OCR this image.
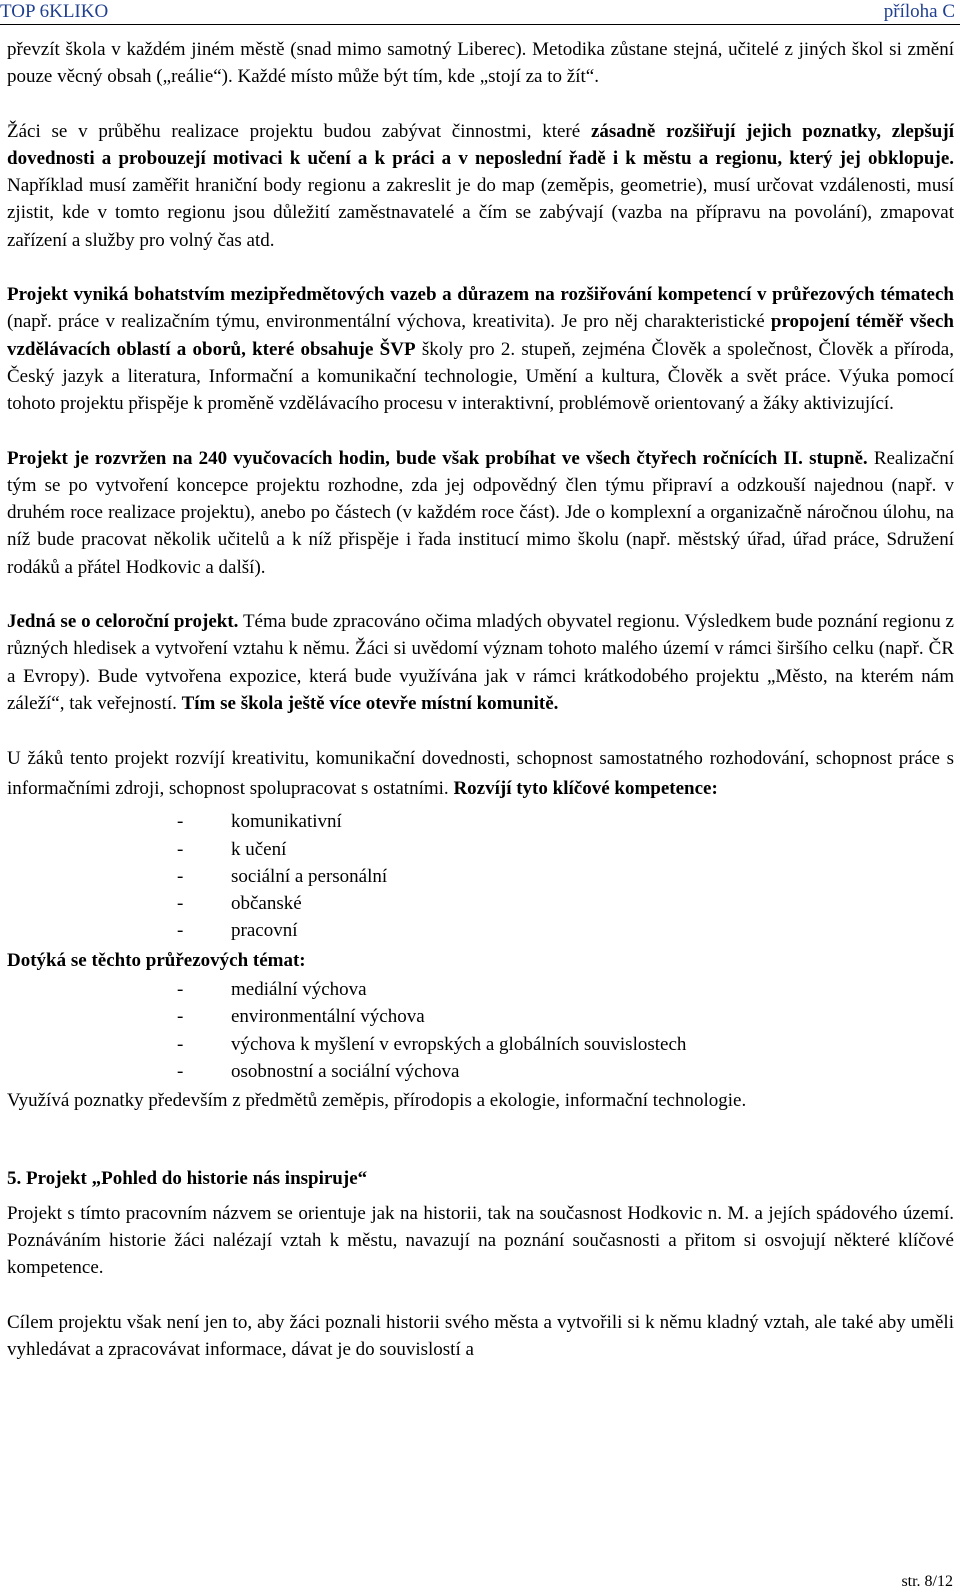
TOP 6KLIKO	příloha C

převzít škola v každém jiném městě (snad mimo samotný Liberec). Metodika zůstane stejná, učitelé z jiných škol si změní pouze věcný obsah („reálie“). Každé místo může být tím, kde „stojí za to žít“.

Žáci se v průběhu realizace projektu budou zabývat činnostmi, které zásadně rozšiřují jejich poznatky, zlepšují dovednosti a probouzejí motivaci k učení a k práci a v neposlední řadě i k městu a regionu, který jej obklopuje. Například musí zaměřit hraniční body regionu a zakreslit je do map (zeměpis, geometrie), musí určovat vzdálenosti, musí zjistit, kde v tomto regionu jsou důležití zaměstnavatelé a čím se zabývají (vazba na přípravu na povolání), zmapovat zařízení a služby pro volný čas atd.

Projekt vyniká bohatstvím mezipředmětových vazeb a důrazem na rozšiřování kompetencí v průřezových tématech (např. práce v realizačním týmu, environmentální výchova, kreativita). Je pro něj charakteristické propojení téměř všech vzdělávacích oblastí a oborů, které obsahuje ŠVP školy pro 2. stupeň, zejména Člověk a společnost, Člověk a příroda, Český jazyk a literatura, Informační a komunikační technologie, Umění a kultura, Člověk a svět práce. Výuka pomocí tohoto projektu přispěje k proměně vzdělávacího procesu v interaktivní, problémově orientovaný a žáky aktivizující.

Projekt je rozvržen na 240 vyučovacích hodin, bude však probíhat ve všech čtyřech ročnících II. stupně. Realizační tým se po vytvoření koncepce projektu rozhodne, zda jej odpovědný člen týmu připraví a odzkouší najednou (např. v druhém roce realizace projektu), anebo po částech (v každém roce část). Jde o komplexní a organizačně náročnou úlohu, na níž bude pracovat několik učitelů a k níž přispěje i řada institucí mimo školu (např. městský úřad, úřad práce, Sdružení rodáků a přátel Hodkovic a další).

Jedná se o celoroční projekt. Téma bude zpracováno očima mladých obyvatel regionu. Výsledkem bude poznání regionu z různých hledisek a vytvoření vztahu k němu. Žáci si uvědomí význam tohoto malého území v rámci širšího celku (např. ČR a Evropy). Bude vytvořena expozice, která bude využívána jak v rámci krátkodobého projektu „Město, na kterém nám záleží“, tak veřejností. Tím se škola ještě více otevře místní komunitě.

U žáků tento projekt rozvíjí kreativitu, komunikační dovednosti, schopnost samostatného rozhodování, schopnost práce s informačními zdroji, schopnost spolupracovat s ostatními. Rozvíjí tyto klíčové kompetence:

-	komunikativní
-	k učení
-	sociální a personální
-	občanské
-	pracovní

Dotýká se těchto průřezových témat:

-	mediální výchova
-	environmentální výchova
-	výchova k myšlení v evropských a globálních souvislostech
-	osobnostní a sociální výchova

Využívá poznatky především z předmětů zeměpis, přírodopis a ekologie, informační technologie.

5. Projekt „Pohled do historie nás inspiruje“

Projekt s tímto pracovním názvem se orientuje jak na historii, tak na současnost Hodkovic n. M. a jejích spádového území. Poznáváním historie žáci nalézají vztah k městu, navazují na poznání současnosti a přitom si osvojují některé klíčové kompetence.

Cílem projektu však není jen to, aby žáci poznali historii svého města a vytvořili si k němu kladný vztah, ale také aby uměli vyhledávat a zpracovávat informace, dávat je do souvislostí a

str. 8/12
